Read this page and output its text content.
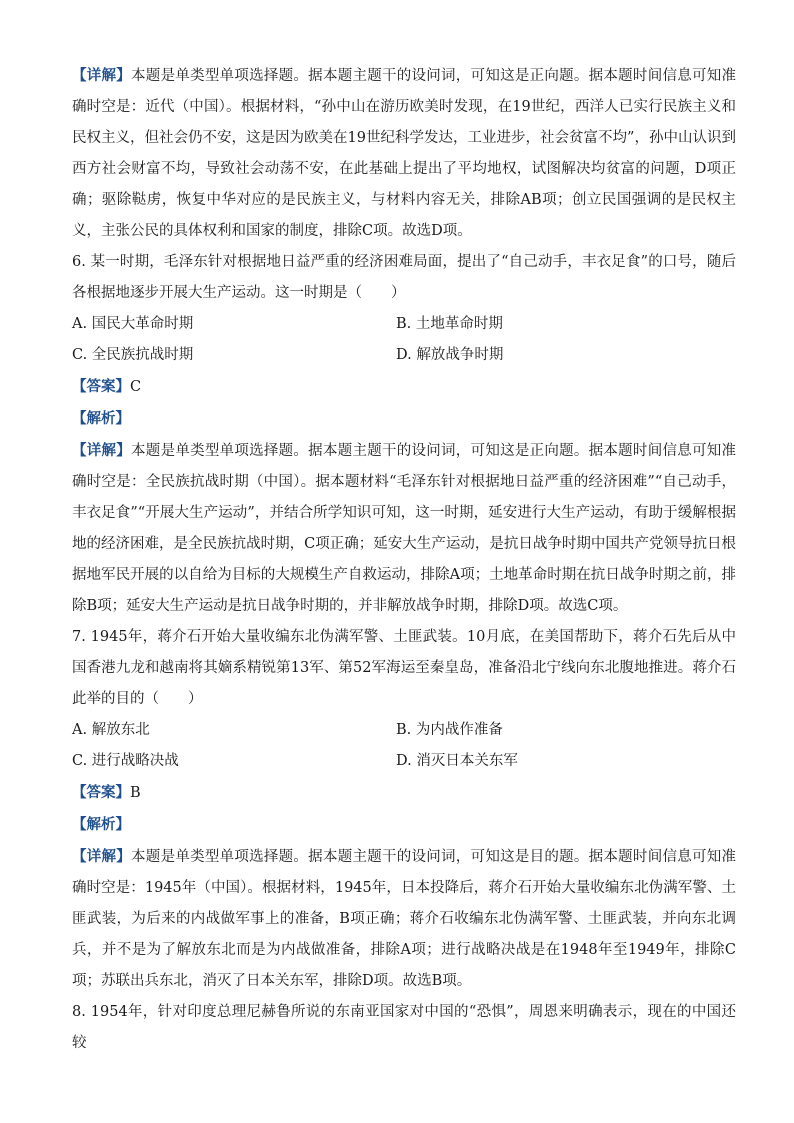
【详解】本题是单类型单项选择题。据本题主题干的设问词，可知这是正向题。据本题时间信息可知准确时空是：近代（中国）。根据材料，“孙中山在游历欧美时发现，在19世纪，西洋人已实行民族主义和民权主义，但社会仍不安，这是因为欧美在19世纪科学发达，工业进步，社会贫富不均”，孙中山认识到西方社会财富不均，导致社会动荡不安，在此基础上提出了平均地权，试图解决均贫富的问题，D项正确；驱除鞑虏，恢复中华对应的是民族主义，与材料内容无关，排除AB项；创立民国强调的是民权主义，主张公民的具体权利和国家的制度，排除C项。故选D项。

6. 某一时期，毛泽东针对根据地日益严重的经济困难局面，提出了“自己动手，丰衣足食”的口号，随后各根据地逐步开展大生产运动。这一时期是（　　）

A. 国民大革命时期	B. 土地革命时期

C. 全民族抗战时期	D. 解放战争时期

【答案】C

【解析】

【详解】本题是单类型单项选择题。据本题主题干的设问词，可知这是正向题。据本题时间信息可知准确时空是：全民族抗战时期（中国）。据本题材料“毛泽东针对根据地日益严重的经济困难”“自己动手，丰衣足食”“开展大生产运动”，并结合所学知识可知，这一时期，延安进行大生产运动，有助于缓解根据地的经济困难，是全民族抗战时期，C项正确；延安大生产运动，是抗日战争时期中国共产党领导抗日根据地军民开展的以自给为目标的大规模生产自救运动，排除A项；土地革命时期在抗日战争时期之前，排除B项；延安大生产运动是抗日战争时期的，并非解放战争时期，排除D项。故选C项。

7. 1945年，蒋介石开始大量收编东北伪满军警、土匪武装。10月底，在美国帮助下，蒋介石先后从中国香港九龙和越南将其嫡系精锐第13军、第52军海运至秦皇岛，准备沿北宁线向东北腹地推进。蒋介石此举的目的（　　）

A. 解放东北	B. 为内战作准备

C. 进行战略决战	D. 消灭日本关东军

【答案】B

【解析】

【详解】本题是单类型单项选择题。据本题主题干的设问词，可知这是目的题。据本题时间信息可知准确时空是：1945年（中国）。根据材料，1945年，日本投降后，蒋介石开始大量收编东北伪满军警、土匪武装，为后来的内战做军事上的准备，B项正确；蒋介石收编东北伪满军警、土匪武装，并向东北调兵，并不是为了解放东北而是为内战做准备，排除A项；进行战略决战是在1948年至1949年，排除C项；苏联出兵东北，消灭了日本关东军，排除D项。故选B项。

8. 1954年，针对印度总理尼赫鲁所说的东南亚国家对中国的“恐惧”，周恩来明确表示，现在的中国还较
